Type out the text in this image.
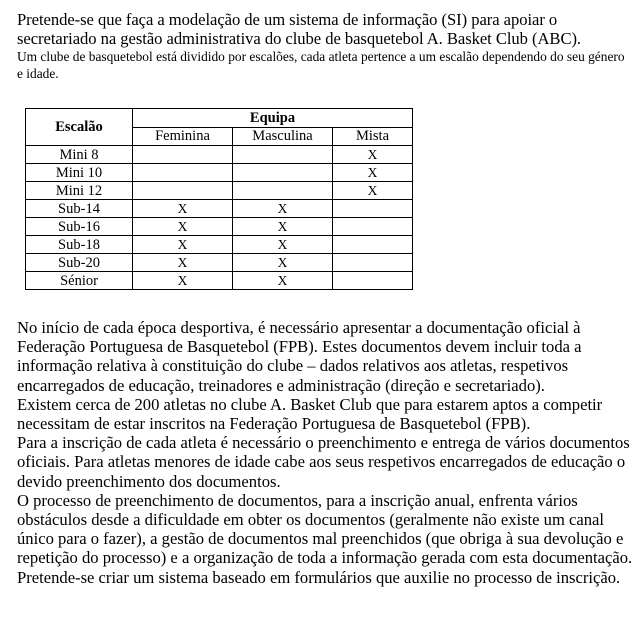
Pretende-se que faça a modelação de um sistema de informação (SI) para apoiar o secretariado na gestão administrativa do clube de basquetebol A. Basket Club (ABC).

Um clube de basquetebol está dividido por escalões, cada atleta pertence a um escalão dependendo do seu género e idade.

Escalão	Equipa		
	Feminina	Masculina	Mista
Mini 8			X
Mini 10			X
Mini 12			X
Sub-14	X	X	
Sub-16	X	X	
Sub-18	X	X	
Sub-20	X	X	
Sénior	X	X	

No início de cada época desportiva, é necessário apresentar a documentação oficial à Federação Portuguesa de Basquetebol (FPB). Estes documentos devem incluir toda a informação relativa à constituição do clube – dados relativos aos atletas, respetivos encarregados de educação, treinadores e administração (direção e secretariado).

Existem cerca de 200 atletas no clube A. Basket Club que para estarem aptos a competir necessitam de estar inscritos na Federação Portuguesa de Basquetebol (FPB).

Para a inscrição de cada atleta é necessário o preenchimento e entrega de vários documentos oficiais. Para atletas menores de idade cabe aos seus respetivos encarregados de educação o devido preenchimento dos documentos.

O processo de preenchimento de documentos, para a inscrição anual, enfrenta vários obstáculos desde a dificuldade em obter os documentos (geralmente não existe um canal único para o fazer), a gestão de documentos mal preenchidos (que obriga à sua devolução e repetição do processo) e a organização de toda a informação gerada com esta documentação. Pretende-se criar um sistema baseado em formulários que auxilie no processo de inscrição.
